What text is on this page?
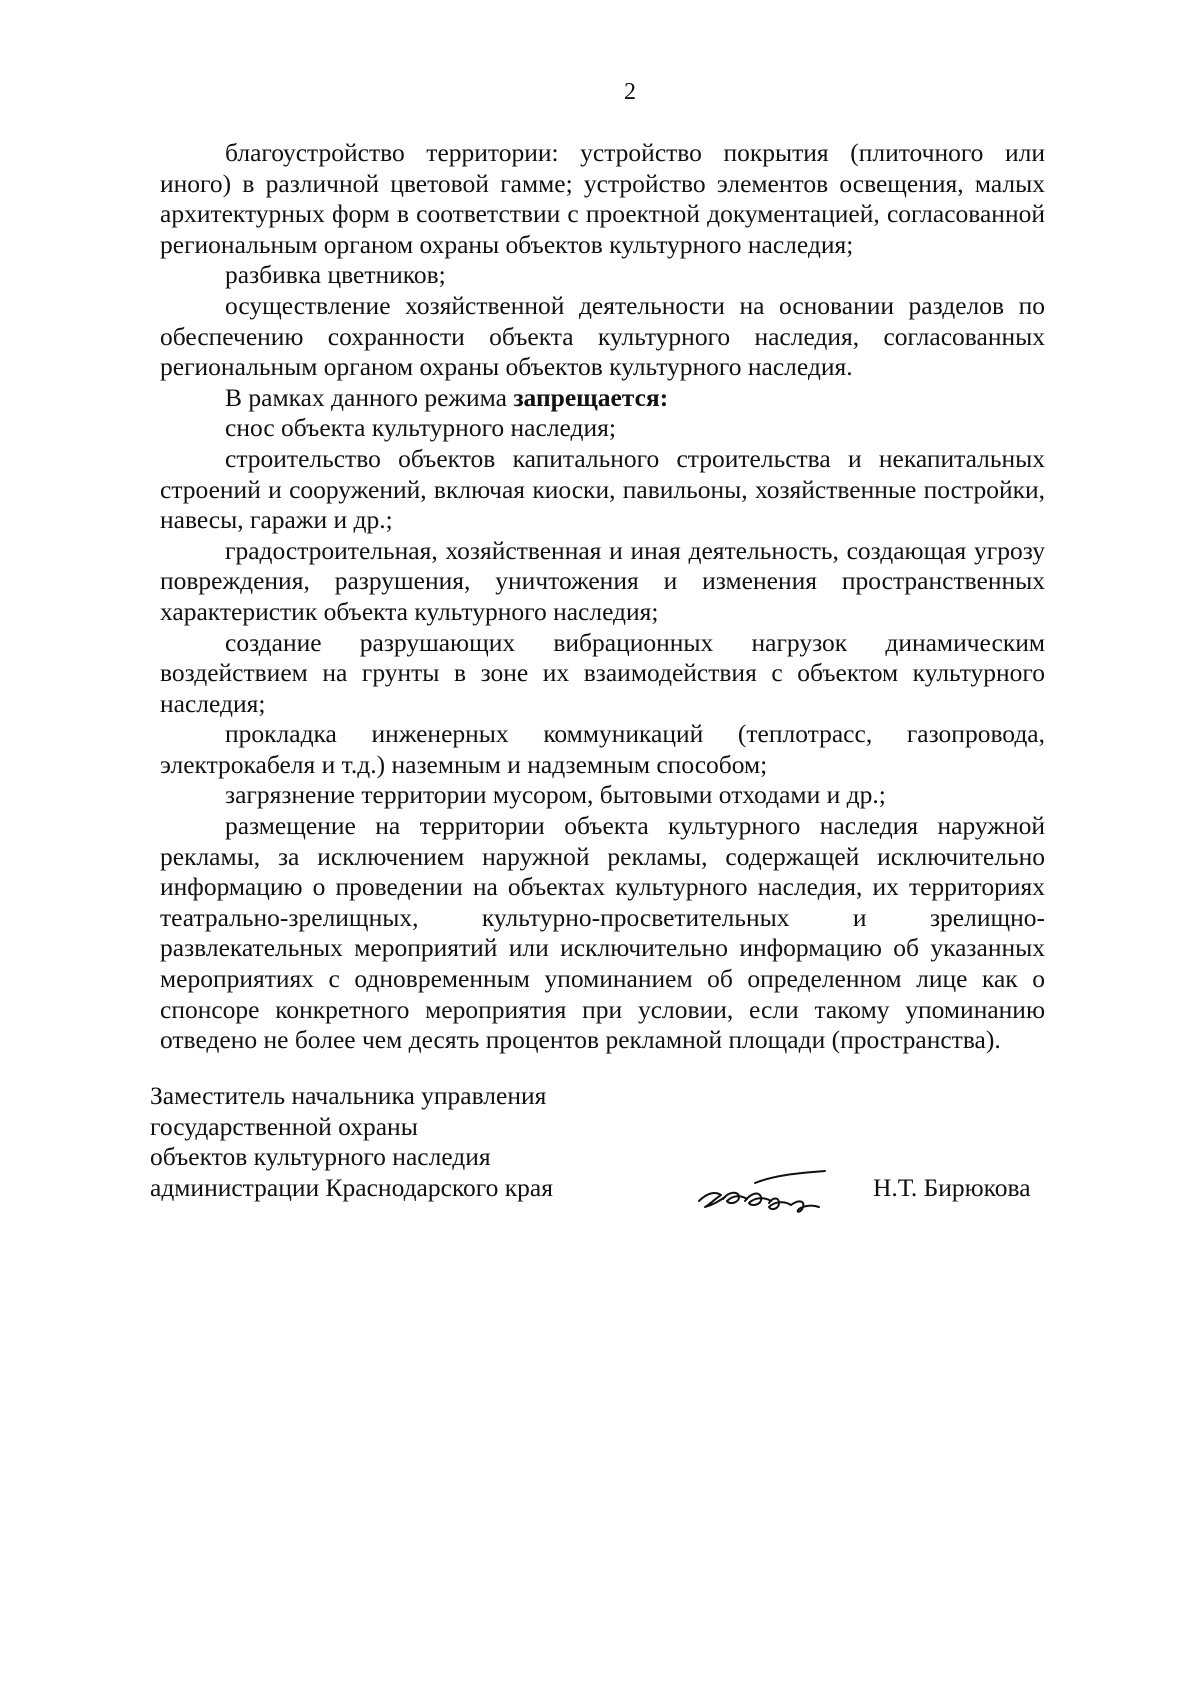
2

благоустройство территории: устройство покрытия (плиточного или иного) в различной цветовой гамме; устройство элементов освещения, малых архитектурных форм в соответствии с проектной документацией, согласованной региональным органом охраны объектов культурного наследия;

разбивка цветников;

осуществление хозяйственной деятельности на основании разделов по обеспечению сохранности объекта культурного наследия, согласованных региональным органом охраны объектов культурного наследия.

В рамках данного режима запрещается:

снос объекта культурного наследия;

строительство объектов капитального строительства и некапитальных строений и сооружений, включая киоски, павильоны, хозяйственные постройки, навесы, гаражи и др.;

градостроительная, хозяйственная и иная деятельность, создающая угрозу повреждения, разрушения, уничтожения и изменения пространственных характеристик объекта культурного наследия;

создание разрушающих вибрационных нагрузок динамическим воздействием на грунты в зоне их взаимодействия с объектом культурного наследия;

прокладка инженерных коммуникаций (теплотрасс, газопровода, электрокабеля и т.д.) наземным и надземным способом;

загрязнение территории мусором, бытовыми отходами и др.;

размещение на территории объекта культурного наследия наружной рекламы, за исключением наружной рекламы, содержащей исключительно информацию о проведении на объектах культурного наследия, их территориях театрально-зрелищных, культурно-просветительных и зрелищно-развлекательных мероприятий или исключительно информацию об указанных мероприятиях с одновременным упоминанием об определенном лице как о спонсоре конкретного мероприятия при условии, если такому упоминанию отведено не более чем десять процентов рекламной площади (пространства).

Заместитель начальника управления
государственной охраны
объектов культурного наследия
администрации Краснодарского края	Н.Т. Бирюкова
